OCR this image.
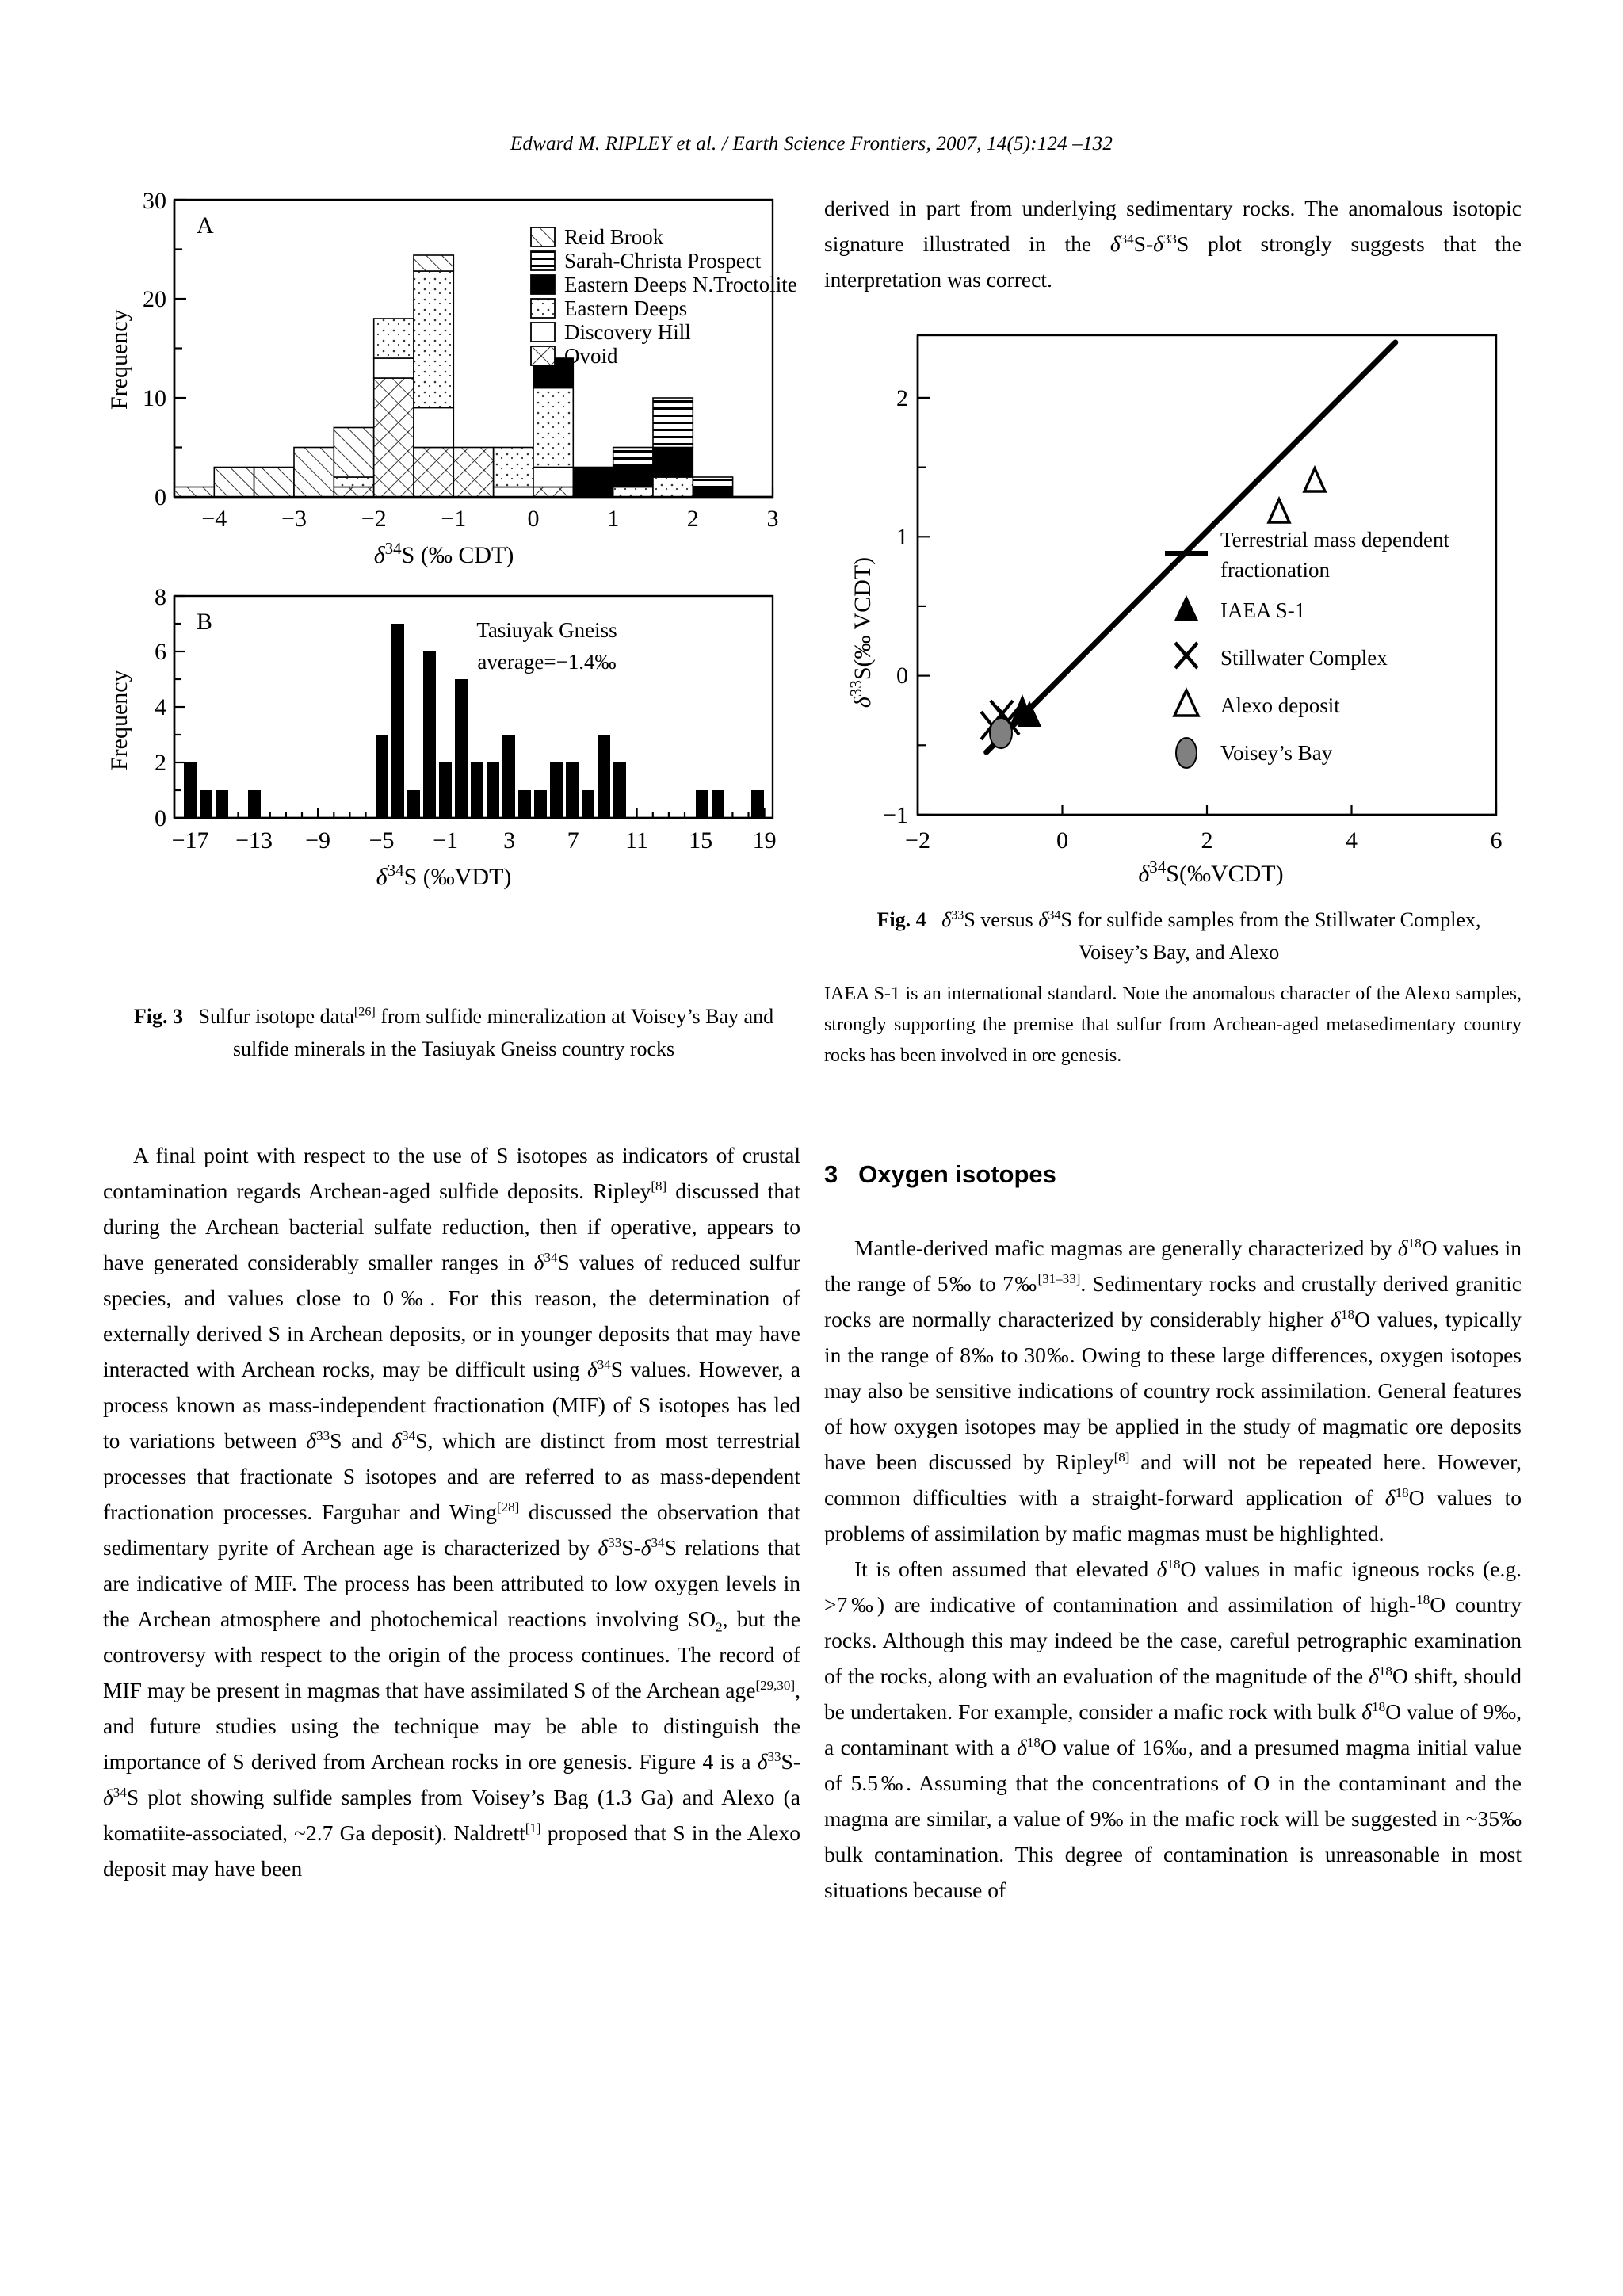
Edward M. RIPLEY et al. / Earth Science Frontiers, 2007, 14(5):124 –132
0
10
20
30
Frequency
A
−4 −3 −2 −1	0	1	2	3
$\delta^{34}S$ (‰ CDT)
Reid Brook
Sarah-Christa Prospect
Eastern Deeps N.Troctolite
Eastern Deeps
Discovery Hill
Ovoid
0
2
4
6
8
Frequency
B	Tasiuyak Gneiss
average=−1.4‰
−17 −13 −9 −5 −1 3 7 11 15 19
$\delta^{34}S$ (‰VDT)
Fig. 3 Sulfur isotope data[26] from sulfide mineralization at Voisey’s Bay and sulfide minerals in the Tasiuyak Gneiss country rocks

A final point with respect to the use of S isotopes as indicators of crustal contamination regards Archean-aged sulfide deposits. Ripley[8] discussed that during the Archean bacterial sulfate reduction, then if operative, appears to have generated considerably smaller ranges in $\delta^{34}S$ values of reduced sulfur species, and values close to 0‰. For this reason, the determination of externally derived S in Archean deposits, or in younger deposits that may have interacted with Archean rocks, may be difficult using $\delta^{34}S$ values. However, a process known as mass-independent fractionation (MIF) of S isotopes has led to variations between $\delta^{33}S$ and $\delta^{34}S$, which are distinct from most terrestrial processes that fractionate S isotopes and are referred to as mass-dependent fractionation processes. Farguhar and Wing[28] discussed the observation that sedimentary pyrite of Archean age is characterized by $\delta^{33}S-\delta^{34}S$ relations that are indicative of MIF. The process has been attributed to low oxygen levels in the Archean atmosphere and photochemical reactions involving $SO_2$, but the controversy with respect to the origin of the process continues. The record of MIF may be present in magmas that have assimilated S of the Archean age[29,30], and future studies using the technique may be able to distinguish the importance of S derived from Archean rocks in ore genesis. Figure 4 is a $\delta^{33}S-\delta^{34}S$ plot showing sulfide samples from Voisey’s Bag (1.3 Ga) and Alexo (a komatiite-associated, ~2.7 Ga deposit). Naldrett[1] proposed that S in the Alexo deposit may have been

derived in part from underlying sedimentary rocks. The anomalous isotopic signature illustrated in the $\delta^{34}S-\delta^{33}S$ plot strongly suggests that the interpretation was correct.

−2	0	2	4	6
$\delta^{34}S(‰VCDT)$
−1
0
1
2
$\delta^{33}S(‰$ VCDT)
Terrestrial mass dependent
fractionation
IAEA S-1
Stillwater Complex
Alexo deposit
Voisey’s Bay
Fig. 4 $\delta^{33}S$ versus $\delta^{34}S$ for sulfide samples from the Stillwater Complex, Voisey’s Bay, and Alexo
IAEA S-1 is an international standard. Note the anomalous character of the Alexo samples, strongly supporting the premise that sulfur from Archean-aged metasedimentary country rocks has been involved in ore genesis.
3 Oxygen isotopes

Mantle-derived mafic magmas are generally characterized by $\delta^{18}O$ values in the range of 5‰ to 7‰[31–33]. Sedimentary rocks and crustally derived granitic rocks are normally characterized by considerably higher $\delta^{18}O$ values, typically in the range of 8‰ to 30‰. Owing to these large differences, oxygen isotopes may also be sensitive indications of country rock assimilation. General features of how oxygen isotopes may be applied in the study of magmatic ore deposits have been discussed by Ripley[8] and will not be repeated here. However, common difficulties with a straight-forward application of $\delta^{18}O$ values to problems of assimilation by mafic magmas must be highlighted.

It is often assumed that elevated $\delta^{18}O$ values in mafic igneous rocks (e.g. >7‰) are indicative of contamination and assimilation of high-$^{18}$O country rocks. Although this may indeed be the case, careful petrographic examination of the rocks, along with an evaluation of the magnitude of the $\delta^{18}O$ shift, should be undertaken. For example, consider a mafic rock with bulk $\delta^{18}O$ value of 9‰, a contaminant with a $\delta^{18}O$ value of 16‰, and a presumed magma initial value of 5.5‰. Assuming that the concentrations of O in the contaminant and the magma are similar, a value of 9‰ in the mafic rock will be suggested in ~35‰ bulk contamination. This degree of contamination is unreasonable in most situations because of
